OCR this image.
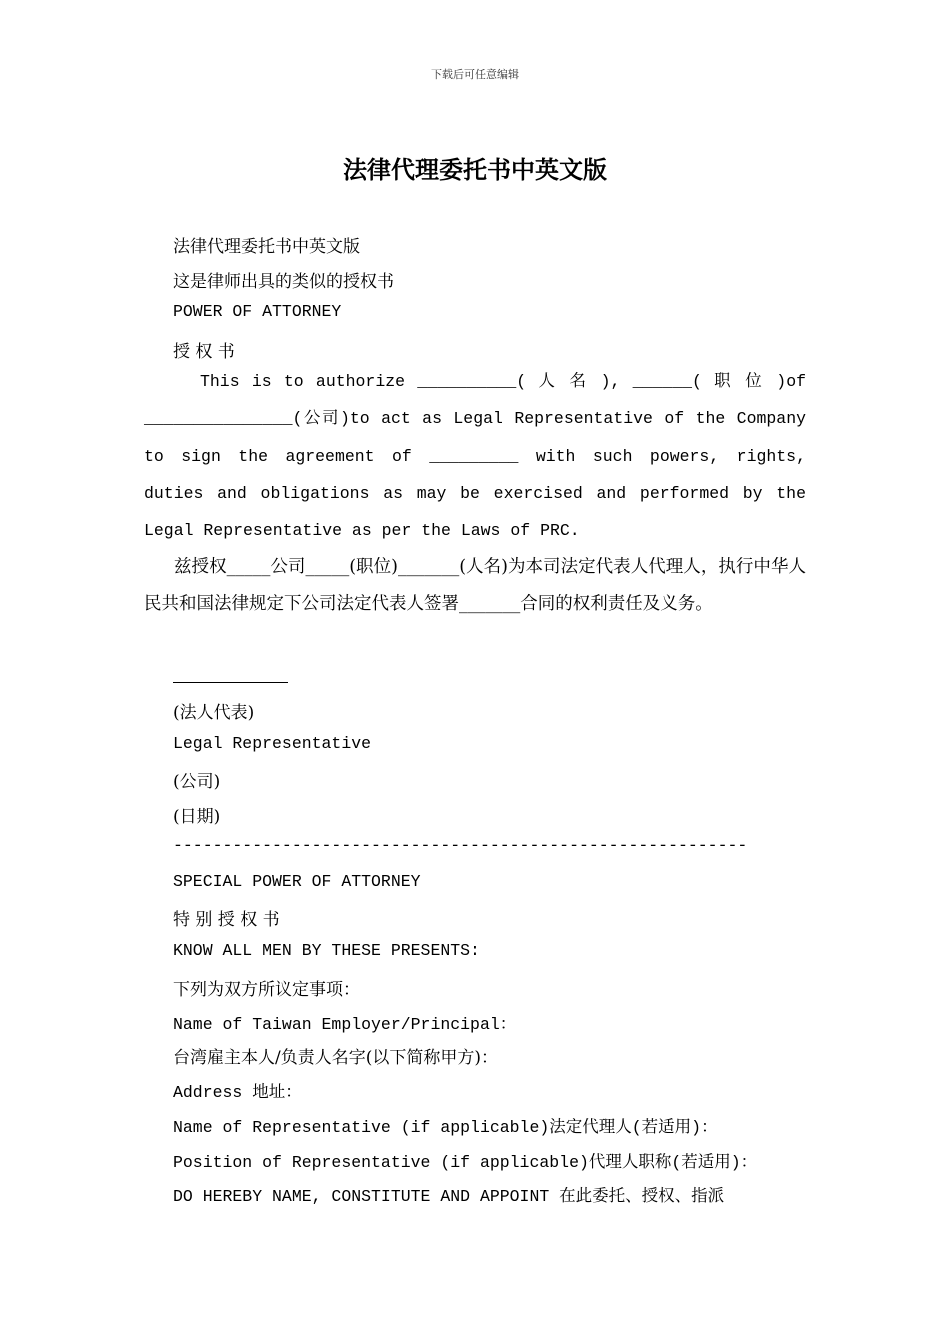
下载后可任意编辑
法律代理委托书中英文版
法律代理委托书中英文版
这是律师出具的类似的授权书
POWER OF ATTORNEY
授 权 书
This is to authorize __________( 人 名 ), ______( 职 位 )of _______________(公司)to act as Legal Representative of the Company to sign the agreement of _________ with such powers, rights, duties and obligations as may be exercised and performed by the Legal Representative as per the Laws of PRC.
兹授权_____公司_____(职位)_______(人名)为本司法定代表人代理人，执行中华人民共和国法律规定下公司法定代表人签署_______合同的权利责任及义务。
(法人代表)
Legal Representative
(公司)
(日期)
----------------------------------------------------------
SPECIAL POWER OF ATTORNEY
特 别 授 权 书
KNOW ALL MEN BY THESE PRESENTS:
下列为双方所议定事项：
Name of Taiwan Employer/Principal：
台湾雇主本人/负责人名字(以下简称甲方)：
Address 地址：
Name of Representative (if applicable)法定代理人(若适用)：
Position of Representative (if applicable)代理人职称(若适用)：
DO HEREBY NAME, CONSTITUTE AND APPOINT 在此委托、授权、指派
